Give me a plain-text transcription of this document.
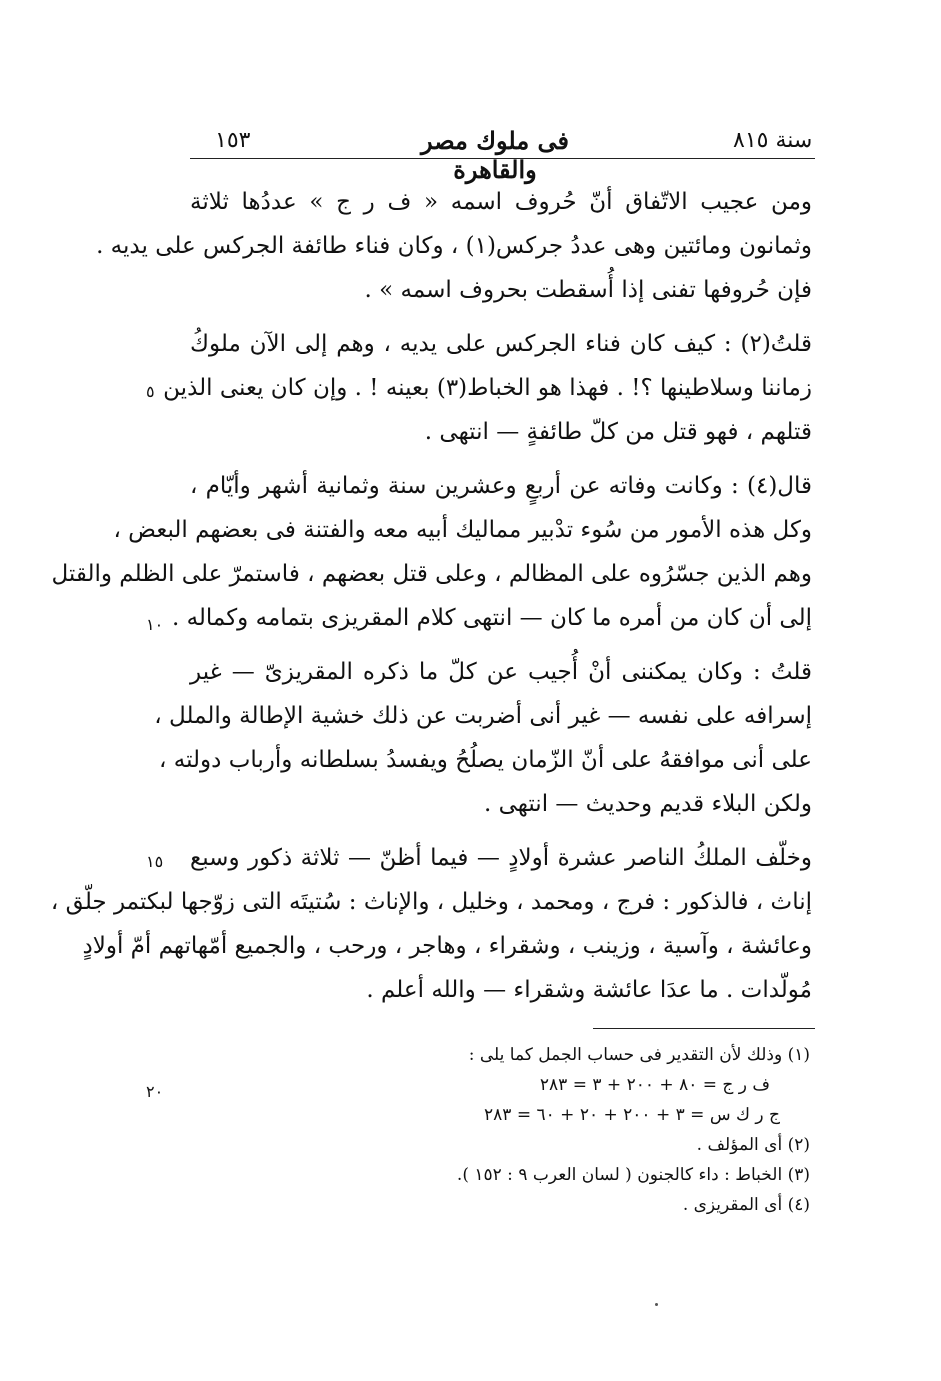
١٥٣	فى ملوك مصر والقاهرة
سنة ٨١٥
ومن عجيب الاتّفاق أنّ حُروف اسمه « ف ر ج » عددُها ثلاثة
وثمانون ومائتين وهى عددُ جركس(١) ، وكان فناء طائفة الجركس على يديه .
فإن حُروفها تفنى إذا أُسقطت بحروف اسمه » .
قلتُ(٢) : كيف كان فناء الجركس على يديه ، وهم إلى الآن ملوكُ
زماننا وسلاطينها ؟! . فهذا هو الخباط(٣) بعينه ! . وإن كان يعنى الذين
قتلهم ، فهو قتل من كلّ طائفةٍ — انتهى .
قال(٤) : وكانت وفاته عن أربعٍ وعشرين سنة وثمانية أشهر وأيّام ،
وكل هذه الأمور من سُوء تدْبير مماليك أبيه معه والفتنة فى بعضهم البعض ،
وهم الذين جسّرُوه على المظالم ، وعلى قتل بعضهم ، فاستمرّ على الظلم والقتل
إلى أن كان من أمره ما كان — انتهى كلام المقريزى بتمامه وكماله .
قلتُ : وكان يمكننى أنْ أُجيب عن كلّ ما ذكره المقريزىّ — غير
إسرافه على نفسه — غير أنى أضربت عن ذلك خشية الإطالة والملل ،
على أنى موافقهُ على أنّ الزّمان يصلُحُ ويفسدُ بسلطانه وأرباب دولته ،
ولكن البلاء قديم وحديث — انتهى .
وخلّف الملكُ الناصر عشرة أولادٍ — فيما أظنّ — ثلاثة ذكور وسبع
إناث ، فالذكور : فرج ، ومحمد ، وخليل ، والإناث : سُتيتَه التى زوّجها لبكتمر جلّق ،
وعائشة ، وآسية ، وزينب ، وشقراء ، وهاجر ، ورحب ، والجميع أمّهاتهم أمّ أولادٍ
مُولّدات . ما عدَا عائشة وشقراء — والله أعلم .
٥
١٠
١٥
٢٠
(١) وذلك لأن التقدير فى حساب الجمل كما يلى :
ف ر ج = ٨٠ + ٢٠٠ + ٣ = ٢٨٣
ج ر ك س = ٣ + ٢٠٠ + ٢٠ + ٦٠ = ٢٨٣
(٢) أى المؤلف .
(٣) الخباط : داء كالجنون ( لسان العرب ٩ : ١٥٢ ).
(٤) أى المقريزى .
